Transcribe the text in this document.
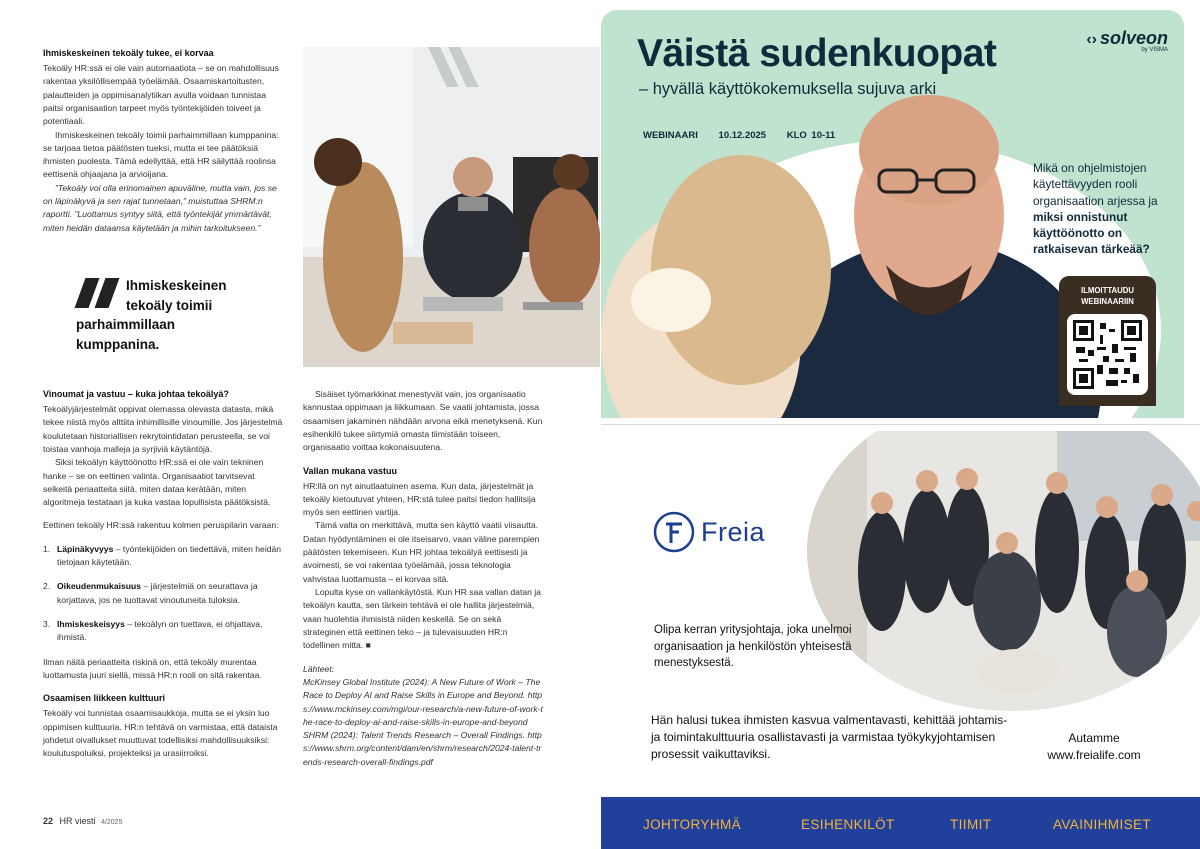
Ihmiskeskeinen tekoäly tukee, ei korvaa

Tekoäly HR:ssä ei ole vain automaatiota – se on mahdollisuus rakentaa yksilöllisempää työelämää. Osaamiskartoitusten, palautteiden ja oppimisanalytiikan avulla voidaan tunnistaa paitsi organisaation tarpeet myös työntekijöiden toiveet ja potentiaali.

Ihmiskeskeinen tekoäly toimii parhaimmillaan kumppanina: se tarjoaa tietoa päätösten tueksi, mutta ei tee päätöksiä ihmisten puolesta. Tämä edellyttää, että HR säilyttää roolinsa eettisenä ohjaajana ja arvioijana.

”Tekoäly voi olla erinomainen apuväline, mutta vain, jos se on läpinäkyvä ja sen rajat tunnetaan,” muistuttaa SHRM:n raportti. ”Luottamus syntyy siitä, että työntekijät ymmärtävät, miten heidän dataansa käytetään ja mihin tarkoitukseen.”

Ihmiskeskeinen
tekoäly toimii
parhaimmillaan
kumppanina.
Vinoumat ja vastuu – kuka johtaa tekoälyä?

Tekoälyjärjestelmät oppivat olemassa olevasta datasta, mikä tekee niistä myös alttiita inhimillisille vinoumille. Jos järjestelmä koulutetaan historiallisen rekrytointidatan perusteella, se voi toistaa vanhoja malleja ja syrjiviä käytäntöjä.

Siksi tekoälyn käyttöönotto HR:ssä ei ole vain tekninen hanke – se on eettinen valinta. Organisaatiot tarvitsevat selkeitä periaatteita siitä, miten dataa kerätään, miten algoritmeja testataan ja kuka vastaa lopullisista päätöksistä.

Eettinen tekoäly HR:ssä rakentuu kolmen peruspilarin varaan:

1. Läpinäkyvyys – työntekijöiden on tiedettävä, miten heidän tietojaan käytetään.
2. Oikeudenmukaisuus – järjestelmiä on seurattava ja korjattava, jos ne tuottavat vinoutuneita tuloksia.
3. Ihmiskeskeisyys – tekoälyn on tuettava, ei ohjattava, ihmistä.

Ilman näitä periaatteita riskinä on, että tekoäly murentaa luottamusta juuri siellä, missä HR:n rooli on sitä rakentaa.

Osaamisen liikkeen kulttuuri

Tekoäly voi tunnistaa osaamisaukkoja, mutta se ei yksin luo oppimisen kulttuuria. HR:n tehtävä on varmistaa, että dataista johdetut oivallukset muuttuvat todellisiksi mahdollisuuksiksi: koulutuspoluiksi, projekteiksi ja urasiirroiksi.

Sisäiset työmarkkinat menestyvät vain, jos organisaatio kannustaa oppimaan ja liikkumaan. Se vaatii johtamista, jossa osaamisen jakaminen nähdään arvona eikä menetyksenä. Kun esihenkilö tukee siirtymiä omasta tiimistään toiseen, organisaatio voittaa kokonaisuutena.

Vallan mukana vastuu

HR:llä on nyt ainutlaatuinen asema. Kun data, järjestelmät ja tekoäly kietoutuvat yhteen, HR:stä tulee paitsi tiedon hallitsija myös sen eettinen vartija.

Tämä valta on merkittävä, mutta sen käyttö vaatii viisautta. Datan hyödyntäminen ei ole itseisarvo, vaan väline parempien päätösten tekemiseen. Kun HR johtaa tekoälyä eettisesti ja avoimesti, se voi rakentaa työelämää, jossa teknologia vahvistaa luottamusta – ei korvaa sitä.

Lopulta kyse on vallankäytöstä. Kun HR saa vallan datan ja tekoälyn kautta, sen tärkein tehtävä ei ole hallita järjestelmiä, vaan huolehtia ihmisistä niiden keskellä. Se on sekä strateginen että eettinen teko – ja tulevaisuuden HR:n todellinen mitta. ■

Lähteet:

McKinsey Global Institute (2024): A New Future of Work – The Race to Deploy AI and Raise Skills in Europe and Beyond. https://www.mckinsey.com/mgi/our-research/a-new-future-of-work-the-race-to-deploy-ai-and-raise-skills-in-europe-and-beyond

SHRM (2024): Talent Trends Research – Overall Findings. https://www.shrm.org/content/dam/en/shrm/research/2024-talent-trends-research-overall-findings.pdf

22 HR viesti 4/2025
Väistä sudenkuopat
– hyvällä käyttökokemuksella sujuva arki
WEBINAARI 10.12.2025 KLO 10-11
‹› solveon
by VISMA
Mikä on ohjelmistojen käytettävyyden rooli organisaation arjessa ja miksi onnistunut käyttöönotto on ratkaisevan tärkeää?
ILMOITTAUDU
WEBINAARIIN
Freia
Olipa kerran yritysjohtaja, joka unelmoi organisaation ja henkilöstön yhteisestä menestyksestä.
Hän halusi tukea ihmisten kasvua valmentavasti, kehittää johtamis- ja toimintakulttuuria osallistavasti ja varmistaa työkykyjohtamisen prosessit vaikuttaviksi.
Autamme
www.freialife.com
JOHTORYHMÄ	ESIHENKILÖT	TIIMIT	AVAINIHMISET
